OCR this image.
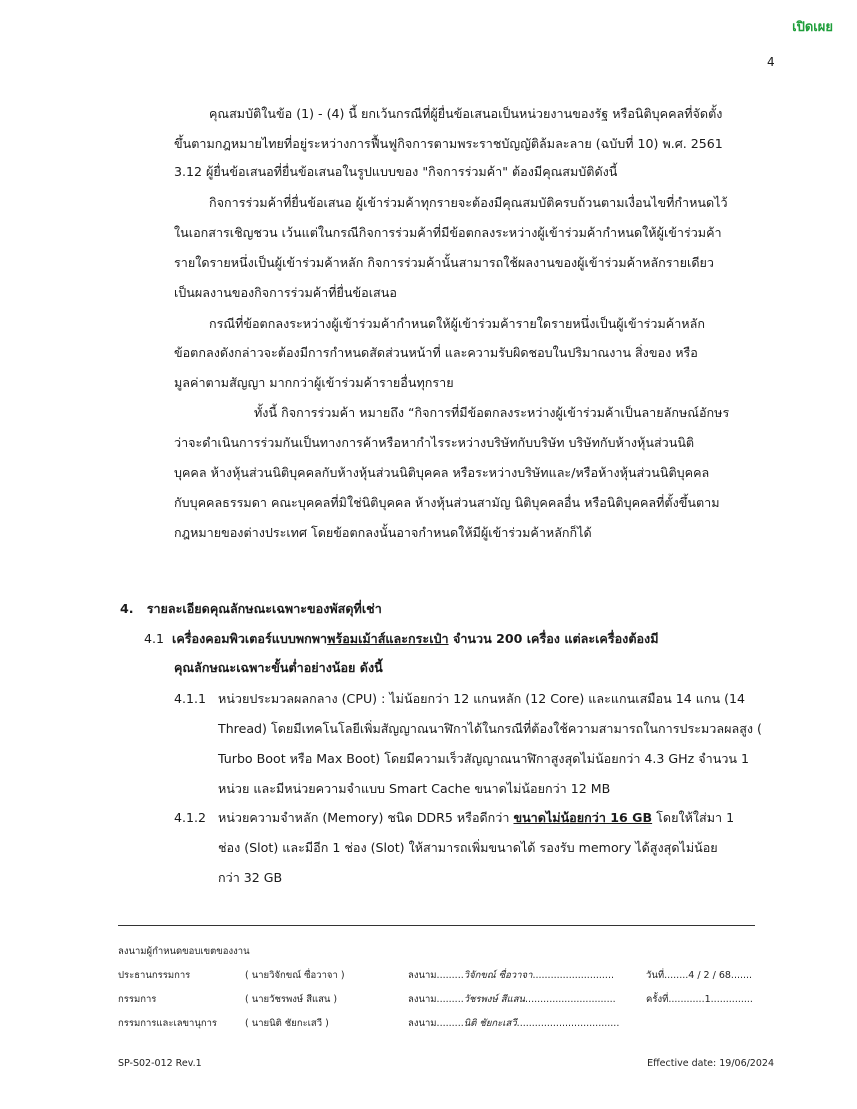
เปิดเผย
4
คุณสมบัติในข้อ (1) - (4) นี้ ยกเว้นกรณีที่ผู้ยื่นข้อเสนอเป็นหน่วยงานของรัฐ หรือนิติบุคคลที่จัดตั้ง
ขึ้นตามกฎหมายไทยที่อยู่ระหว่างการฟื้นฟูกิจการตามพระราชบัญญัติล้มละลาย (ฉบับที่ 10) พ.ศ. 2561
3.12 ผู้ยื่นข้อเสนอที่ยื่นข้อเสนอในรูปแบบของ "กิจการร่วมค้า" ต้องมีคุณสมบัติดังนี้
กิจการร่วมค้าที่ยื่นข้อเสนอ ผู้เข้าร่วมค้าทุกรายจะต้องมีคุณสมบัติครบถ้วนตามเงื่อนไขที่กำหนดไว้
ในเอกสารเชิญชวน เว้นแต่ในกรณีกิจการร่วมค้าที่มีข้อตกลงระหว่างผู้เข้าร่วมค้ากำหนดให้ผู้เข้าร่วมค้า
รายใดรายหนึ่งเป็นผู้เข้าร่วมค้าหลัก กิจการร่วมค้านั้นสามารถใช้ผลงานของผู้เข้าร่วมค้าหลักรายเดียว
เป็นผลงานของกิจการร่วมค้าที่ยื่นข้อเสนอ
กรณีที่ข้อตกลงระหว่างผู้เข้าร่วมค้ากำหนดให้ผู้เข้าร่วมค้ารายใดรายหนึ่งเป็นผู้เข้าร่วมค้าหลัก
ข้อตกลงดังกล่าวจะต้องมีการกำหนดสัดส่วนหน้าที่ และความรับผิดชอบในปริมาณงาน สิ่งของ หรือ
มูลค่าตามสัญญา มากกว่าผู้เข้าร่วมค้ารายอื่นทุกราย
ทั้งนี้ กิจการร่วมค้า หมายถึง “กิจการที่มีข้อตกลงระหว่างผู้เข้าร่วมค้าเป็นลายลักษณ์อักษร
ว่าจะดำเนินการร่วมกันเป็นทางการค้าหรือหากำไรระหว่างบริษัทกับบริษัท บริษัทกับห้างหุ้นส่วนนิติ
บุคคล ห้างหุ้นส่วนนิติบุคคลกับห้างหุ้นส่วนนิติบุคคล หรือระหว่างบริษัทและ/หรือห้างหุ้นส่วนนิติบุคคล
กับบุคคลธรรมดา คณะบุคคลที่มิใช่นิติบุคคล ห้างหุ้นส่วนสามัญ นิติบุคคลอื่น หรือนิติบุคคลที่ตั้งขึ้นตาม
กฎหมายของต่างประเทศ โดยข้อตกลงนั้นอาจกำหนดให้มีผู้เข้าร่วมค้าหลักก็ได้
4. รายละเอียดคุณลักษณะเฉพาะของพัสดุที่เช่า
4.1 เครื่องคอมพิวเตอร์แบบพกพาพร้อมเม้าส์และกระเป๋า จำนวน 200 เครื่อง แต่ละเครื่องต้องมี
คุณลักษณะเฉพาะขั้นต่ำอย่างน้อย ดังนี้
4.1.1 หน่วยประมวลผลกลาง (CPU) : ไม่น้อยกว่า 12 แกนหลัก (12 Core) และแกนเสมือน 14 แกน (14
Thread) โดยมีเทคโนโลยีเพิ่มสัญญาณนาฬิกาได้ในกรณีที่ต้องใช้ความสามารถในการประมวลผลสูง (
Turbo Boot หรือ Max Boot) โดยมีความเร็วสัญญาณนาฬิกาสูงสุดไม่น้อยกว่า 4.3 GHz จำนวน 1
หน่วย และมีหน่วยความจำแบบ Smart Cache ขนาดไม่น้อยกว่า 12 MB
4.1.2 หน่วยความจำหลัก (Memory) ชนิด DDR5 หรือดีกว่า ขนาดไม่น้อยกว่า 16 GB โดยให้ใส่มา 1
ช่อง (Slot) และมีอีก 1 ช่อง (Slot) ให้สามารถเพิ่มขนาดได้ รองรับ memory ได้สูงสุดไม่น้อย
กว่า 32 GB
ลงนามผู้กำหนดขอบเขตของงาน
ประธานกรรมการ	( นายวิจักขณ์ ซื่อวาจา )	ลงนาม.........วิจักขณ์ ซื่อวาจา...........................	วันที่........4 / 2 / 68.......
กรรมการ	( นายวัชรพงษ์ สีแสน )	ลงนาม.........วัชรพงษ์ สีแสน..............................	ครั้งที่............1..............
กรรมการและเลขานุการ	( นายนิติ ชัยกะเสวี )	ลงนาม.........นิติ ชัยกะเสวี..................................
SP-S02-012 Rev.1	Effective date: 19/06/2024
